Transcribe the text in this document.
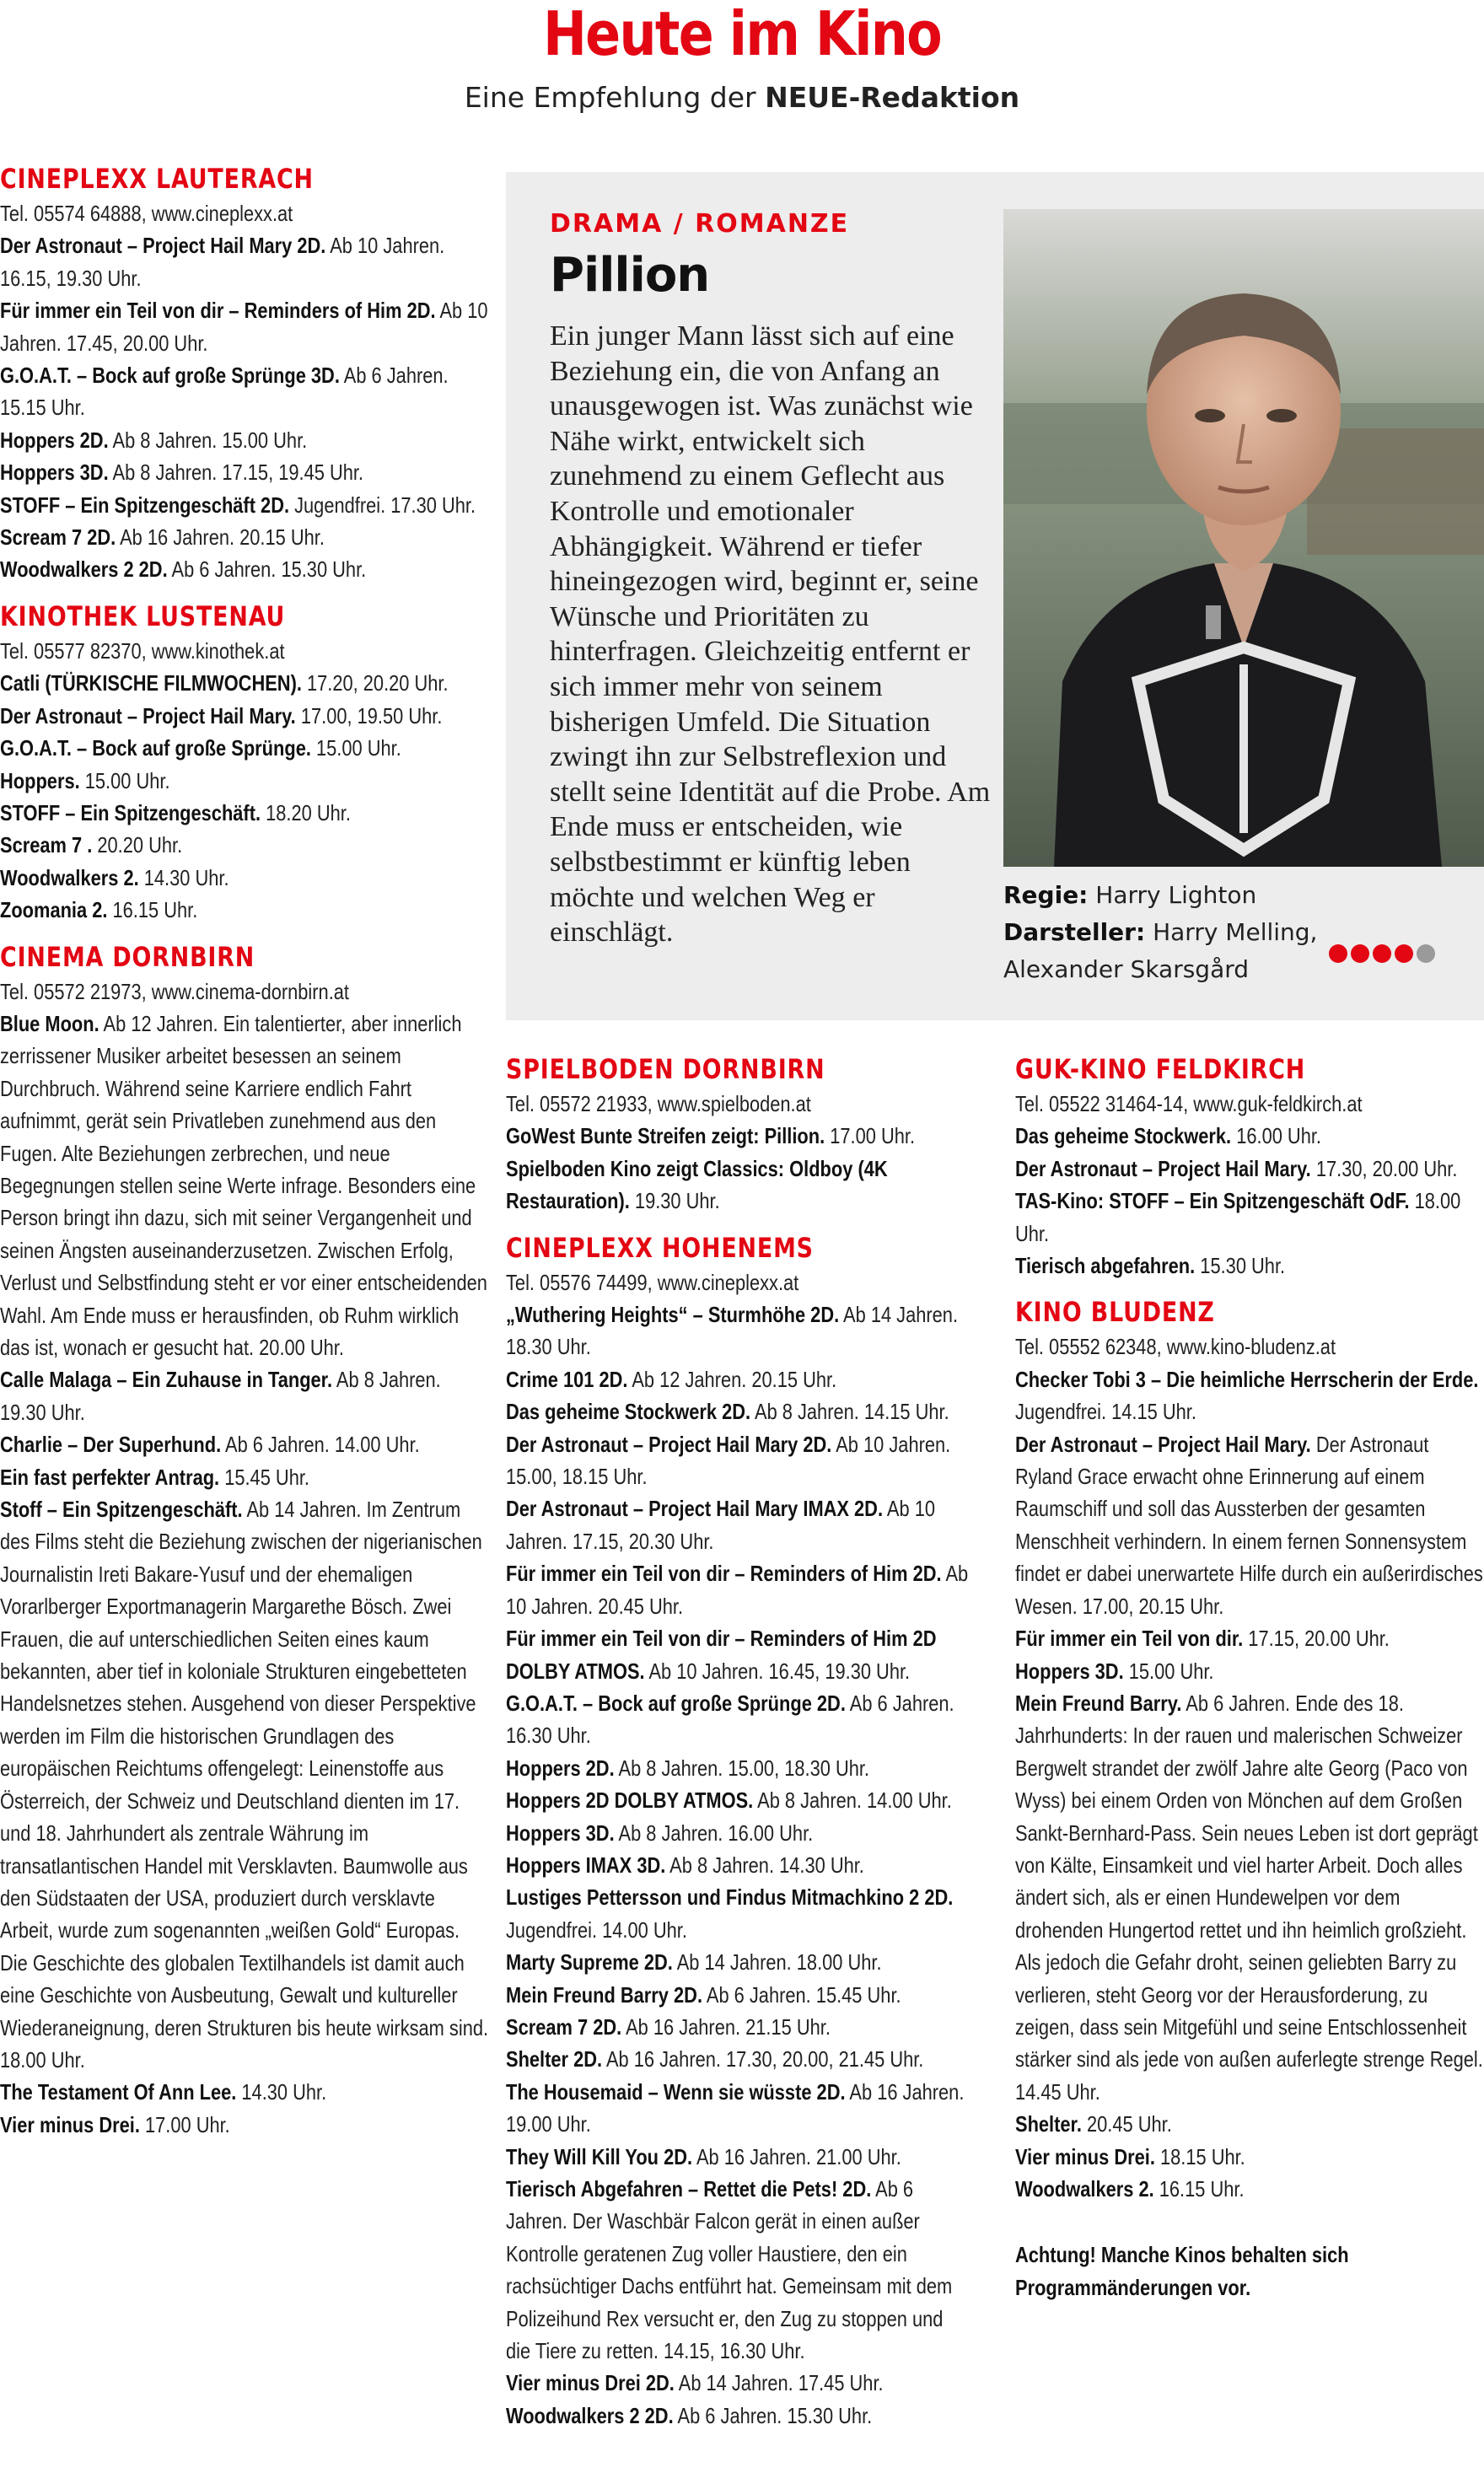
Heute im Kino
Eine Empfehlung der NEUE-Redaktion
CINEPLEXX LAUTERACH
Tel. 05574 64888, www.cineplexx.at
Der Astronaut – Project Hail Mary 2D. Ab 10 Jahren. 16.15, 19.30 Uhr.
Für immer ein Teil von dir – Reminders of Him 2D. Ab 10 Jahren. 17.45, 20.00 Uhr.
G.O.A.T. – Bock auf große Sprünge 3D. Ab 6 Jahren. 15.15 Uhr.
Hoppers 2D. Ab 8 Jahren. 15.00 Uhr.
Hoppers 3D. Ab 8 Jahren. 17.15, 19.45 Uhr.
STOFF – Ein Spitzengeschäft 2D. Jugendfrei. 17.30 Uhr.
Scream 7 2D. Ab 16 Jahren. 20.15 Uhr.
Woodwalkers 2 2D. Ab 6 Jahren. 15.30 Uhr.
KINOTHEK LUSTENAU
Tel. 05577 82370, www.kinothek.at
Catli (TÜRKISCHE FILMWOCHEN). 17.20, 20.20 Uhr.
Der Astronaut – Project Hail Mary. 17.00, 19.50 Uhr.
G.O.A.T. – Bock auf große Sprünge. 15.00 Uhr.
Hoppers. 15.00 Uhr.
STOFF – Ein Spitzengeschäft. 18.20 Uhr.
Scream 7 . 20.20 Uhr.
Woodwalkers 2. 14.30 Uhr.
Zoomania 2. 16.15 Uhr.
CINEMA DORNBIRN
Tel. 05572 21973, www.cinema-dornbirn.at
Blue Moon. Ab 12 Jahren. Ein talentierter, aber innerlich zerrissener Musiker arbeitet besessen an seinem Durchbruch. Während seine Karriere endlich Fahrt aufnimmt, gerät sein Privatleben zunehmend aus den Fugen. Alte Beziehungen zerbrechen, und neue Begegnungen stellen seine Werte infrage. Besonders eine Person bringt ihn dazu, sich mit seiner Vergangenheit und seinen Ängsten auseinanderzusetzen. Zwischen Erfolg, Verlust und Selbstfindung steht er vor einer entscheidenden Wahl. Am Ende muss er herausfinden, ob Ruhm wirklich das ist, wonach er gesucht hat. 20.00 Uhr.
Calle Malaga – Ein Zuhause in Tanger. Ab 8 Jahren. 19.30 Uhr.
Charlie – Der Superhund. Ab 6 Jahren. 14.00 Uhr.
Ein fast perfekter Antrag. 15.45 Uhr.
Stoff – Ein Spitzengeschäft. Ab 14 Jahren. Im Zentrum des Films steht die Beziehung zwischen der nigerianischen Journalistin Ireti Bakare-Yusuf und der ehemaligen Vorarlberger Exportmanagerin Margarethe Bösch. Zwei Frauen, die auf unterschiedlichen Seiten eines kaum bekannten, aber tief in koloniale Strukturen eingebetteten Handelsnetzes stehen. Ausgehend von dieser Perspektive werden im Film die historischen Grundlagen des europäischen Reichtums offengelegt: Leinenstoffe aus Österreich, der Schweiz und Deutschland dienten im 17. und 18. Jahrhundert als zentrale Währung im transatlantischen Handel mit Versklavten. Baumwolle aus den Südstaaten der USA, produziert durch versklavte Arbeit, wurde zum sogenannten „weißen Gold“ Europas. Die Geschichte des globalen Textilhandels ist damit auch eine Geschichte von Ausbeutung, Gewalt und kultureller Wiederaneignung, deren Strukturen bis heute wirksam sind. 18.00 Uhr.
The Testament Of Ann Lee. 14.30 Uhr.
Vier minus Drei. 17.00 Uhr.
DRAMA / ROMANZE
Pillion
Ein junger Mann lässt sich auf eine Beziehung ein, die von Anfang an unausgewogen ist. Was zunächst wie Nähe wirkt, entwickelt sich zunehmend zu einem Geflecht aus Kontrolle und emotionaler Abhängigkeit. Während er tiefer hineingezogen wird, beginnt er, seine Wünsche und Prioritäten zu hinterfragen. Gleichzeitig entfernt er sich immer mehr von seinem bisherigen Umfeld. Die Situation zwingt ihn zur Selbstreflexion und stellt seine Identität auf die Probe. Am Ende muss er entscheiden, wie selbstbestimmt er künftig leben möchte und welchen Weg er einschlägt.
Regie: Harry Lighton
Darsteller: Harry Melling,
Alexander Skarsgård
SPIELBODEN DORNBIRN
Tel. 05572 21933, www.spielboden.at
GoWest Bunte Streifen zeigt: Pillion. 17.00 Uhr.
Spielboden Kino zeigt Classics: Oldboy (4K Restauration). 19.30 Uhr.
CINEPLEXX HOHENEMS
Tel. 05576 74499, www.cineplexx.at
„Wuthering Heights“ – Sturmhöhe 2D. Ab 14 Jahren. 18.30 Uhr.
Crime 101 2D. Ab 12 Jahren. 20.15 Uhr.
Das geheime Stockwerk 2D. Ab 8 Jahren. 14.15 Uhr.
Der Astronaut – Project Hail Mary 2D. Ab 10 Jahren. 15.00, 18.15 Uhr.
Der Astronaut – Project Hail Mary IMAX 2D. Ab 10 Jahren. 17.15, 20.30 Uhr.
Für immer ein Teil von dir – Reminders of Him 2D. Ab 10 Jahren. 20.45 Uhr.
Für immer ein Teil von dir – Reminders of Him 2D DOLBY ATMOS. Ab 10 Jahren. 16.45, 19.30 Uhr.
G.O.A.T. – Bock auf große Sprünge 2D. Ab 6 Jahren. 16.30 Uhr.
Hoppers 2D. Ab 8 Jahren. 15.00, 18.30 Uhr.
Hoppers 2D DOLBY ATMOS. Ab 8 Jahren. 14.00 Uhr.
Hoppers 3D. Ab 8 Jahren. 16.00 Uhr.
Hoppers IMAX 3D. Ab 8 Jahren. 14.30 Uhr.
Lustiges Pettersson und Findus Mitmachkino 2 2D. Jugendfrei. 14.00 Uhr.
Marty Supreme 2D. Ab 14 Jahren. 18.00 Uhr.
Mein Freund Barry 2D. Ab 6 Jahren. 15.45 Uhr.
Scream 7 2D. Ab 16 Jahren. 21.15 Uhr.
Shelter 2D. Ab 16 Jahren. 17.30, 20.00, 21.45 Uhr.
The Housemaid – Wenn sie wüsste 2D. Ab 16 Jahren. 19.00 Uhr.
They Will Kill You 2D. Ab 16 Jahren. 21.00 Uhr.
Tierisch Abgefahren – Rettet die Pets! 2D. Ab 6 Jahren. Der Waschbär Falcon gerät in einen außer Kontrolle geratenen Zug voller Haustiere, den ein rachsüchtiger Dachs entführt hat. Gemeinsam mit dem Polizeihund Rex versucht er, den Zug zu stoppen und die Tiere zu retten. 14.15, 16.30 Uhr.
Vier minus Drei 2D. Ab 14 Jahren. 17.45 Uhr.
Woodwalkers 2 2D. Ab 6 Jahren. 15.30 Uhr.
GUK-KINO FELDKIRCH
Tel. 05522 31464-14, www.guk-feldkirch.at
Das geheime Stockwerk. 16.00 Uhr.
Der Astronaut – Project Hail Mary. 17.30, 20.00 Uhr.
TAS-Kino: STOFF – Ein Spitzengeschäft OdF. 18.00 Uhr.
Tierisch abgefahren. 15.30 Uhr.
KINO BLUDENZ
Tel. 05552 62348, www.kino-bludenz.at
Checker Tobi 3 – Die heimliche Herrscherin der Erde. Jugendfrei. 14.15 Uhr.
Der Astronaut – Project Hail Mary. Der Astronaut Ryland Grace erwacht ohne Erinnerung auf einem Raumschiff und soll das Aussterben der gesamten Menschheit verhindern. In einem fernen Sonnensystem findet er dabei unerwartete Hilfe durch ein außerirdisches Wesen. 17.00, 20.15 Uhr.
Für immer ein Teil von dir. 17.15, 20.00 Uhr.
Hoppers 3D. 15.00 Uhr.
Mein Freund Barry. Ab 6 Jahren. Ende des 18. Jahrhunderts: In der rauen und malerischen Schweizer Bergwelt strandet der zwölf Jahre alte Georg (Paco von Wyss) bei einem Orden von Mönchen auf dem Großen Sankt-Bernhard-Pass. Sein neues Leben ist dort geprägt von Kälte, Einsamkeit und viel harter Arbeit. Doch alles ändert sich, als er einen Hundewelpen vor dem drohenden Hungertod rettet und ihn heimlich großzieht. Als jedoch die Gefahr droht, seinen geliebten Barry zu verlieren, steht Georg vor der Herausforderung, zu zeigen, dass sein Mitgefühl und seine Entschlossenheit stärker sind als jede von außen auferlegte strenge Regel. 14.45 Uhr.
Shelter. 20.45 Uhr.
Vier minus Drei. 18.15 Uhr.
Woodwalkers 2. 16.15 Uhr.
Achtung! Manche Kinos behalten sich Programmänderungen vor.
